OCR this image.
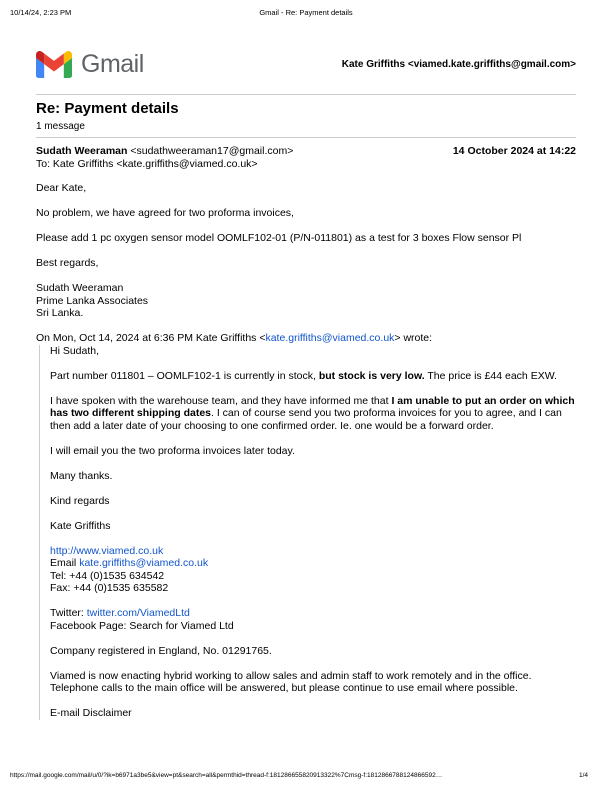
10/14/24, 2:23 PM	Gmail - Re: Payment details
Gmail	Kate Griffiths <viamed.kate.griffiths@gmail.com>
Re: Payment details
1 message
Sudath Weeraman <sudathweeraman17@gmail.com>	14 October 2024 at 14:22
To: Kate Griffiths <kate.griffiths@viamed.co.uk>

Dear Kate,

No problem, we have agreed for two proforma invoices,

Please add 1 pc oxygen sensor model OOMLF102-01 (P/N-011801) as a test for 3 boxes Flow sensor Pl

Best regards,

Sudath Weeraman
Prime Lanka Associates
Sri Lanka.

On Mon, Oct 14, 2024 at 6:36 PM Kate Griffiths <kate.griffiths@viamed.co.uk> wrote:

Hi Sudath,

Part number 011801 – OOMLF102-1 is currently in stock, but stock is very low. The price is £44 each EXW.

I have spoken with the warehouse team, and they have informed me that I am unable to put an order on which has two different shipping dates. I can of course send you two proforma invoices for you to agree, and I can then add a later date of your choosing to one confirmed order. Ie. one would be a forward order.

I will email you the two proforma invoices later today.

Many thanks.

Kind regards

Kate Griffiths

http://www.viamed.co.uk
Email kate.griffiths@viamed.co.uk
Tel: +44 (0)1535 634542
Fax: +44 (0)1535 635582
Twitter: twitter.com/ViamedLtd
Facebook Page: Search for Viamed Ltd

Company registered in England, No. 01291765.

Viamed is now enacting hybrid working to allow sales and admin staff to work remotely and in the office. Telephone calls to the main office will be answered, but please continue to use email where possible.

E-mail Disclaimer

https://mail.google.com/mail/u/0/?ik=b6971a3be5&view=pt&search=all&permthid=thread-f:181286655820913322%7Cmsg-f:1812866788124866592…	1/4
